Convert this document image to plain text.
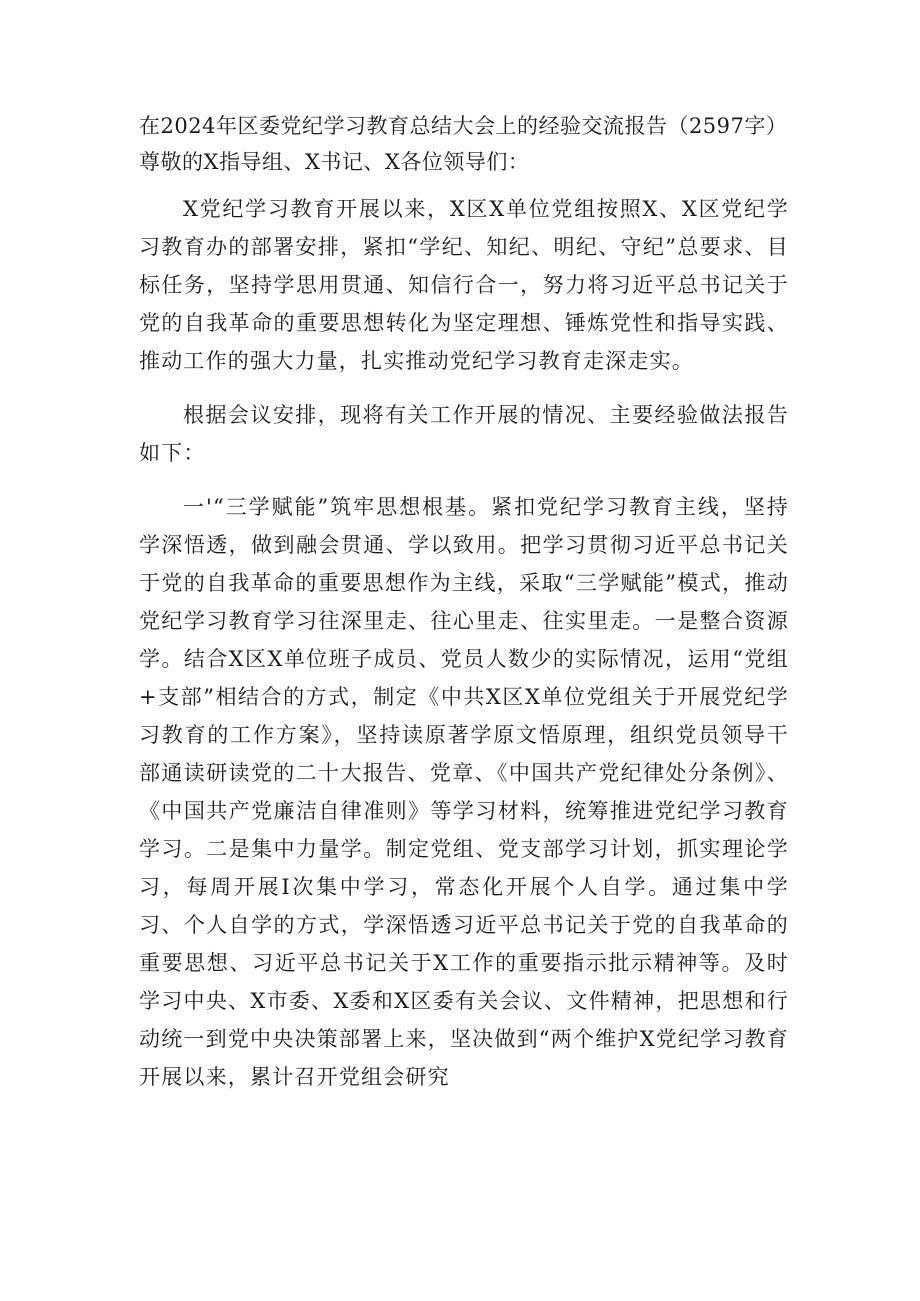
在2024年区委党纪学习教育总结大会上的经验交流报告（2597字）
尊敬的X指导组、X书记、X各位领导们：

X党纪学习教育开展以来，X区X单位党组按照X、X区党纪学习教育办的部署安排，紧扣“学纪、知纪、明纪、守纪”总要求、目标任务，坚持学思用贯通、知信行合一，努力将习近平总书记关于党的自我革命的重要思想转化为坚定理想、锤炼党性和指导实践、推动工作的强大力量，扎实推动党纪学习教育走深走实。

根据会议安排，现将有关工作开展的情况、主要经验做法报告如下：

一'“三学赋能”筑牢思想根基。紧扣党纪学习教育主线，坚持学深悟透，做到融会贯通、学以致用。把学习贯彻习近平总书记关于党的自我革命的重要思想作为主线，采取“三学赋能”模式，推动党纪学习教育学习往深里走、往心里走、往实里走。一是整合资源学。结合X区X单位班子成员、党员人数少的实际情况，运用“党组+支部”相结合的方式，制定《中共X区X单位党组关于开展党纪学习教育的工作方案》，坚持读原著学原文悟原理，组织党员领导干部通读研读党的二十大报告、党章、《中国共产党纪律处分条例》、《中国共产党廉洁自律准则》等学习材料，统筹推进党纪学习教育学习。二是集中力量学。制定党组、党支部学习计划，抓实理论学习，每周开展I次集中学习，常态化开展个人自学。通过集中学习、个人自学的方式，学深悟透习近平总书记关于党的自我革命的重要思想、习近平总书记关于X工作的重要指示批示精神等。及时学习中央、X市委、X委和X区委有关会议、文件精神，把思想和行动统一到党中央决策部署上来，坚决做到“两个维护X党纪学习教育开展以来，累计召开党组会研究
